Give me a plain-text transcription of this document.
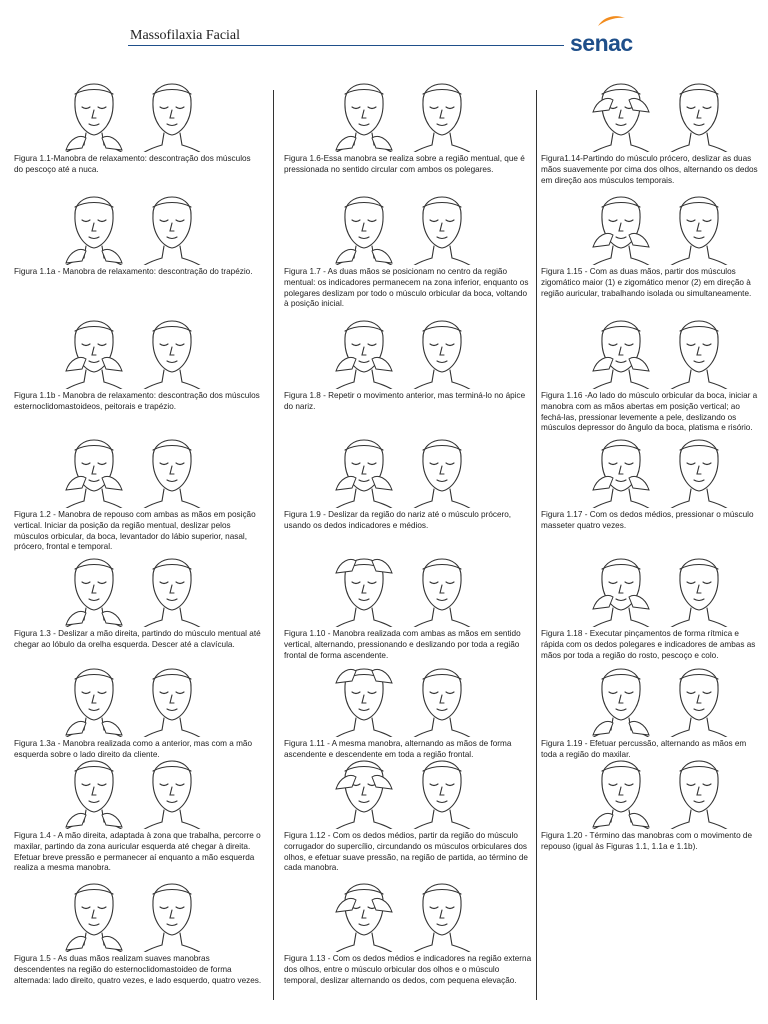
Massofilaxia Facial	senac
Figura 1.1-Manobra de relaxamento: descontração dos músculos do pescoço até a nuca.
Figura 1.1a - Manobra de relaxamento: descontração do trapézio.
Figura 1.1b - Manobra de relaxamento: descontração dos músculos esternoclidomastoideos, peitorais e trapézio.
Figura 1.2 - Manobra de repouso com ambas as mãos em posição vertical. Iniciar da posição da região mentual, deslizar pelos músculos orbicular, da boca, levantador do lábio superior, nasal, prócero, frontal e temporal.
Figura 1.3 - Deslizar a mão direita, partindo do músculo mentual até chegar ao lóbulo da orelha esquerda. Descer até a clavícula.
Figura 1.3a - Manobra realizada como a anterior, mas com a mão esquerda sobre o lado direito da cliente.
Figura 1.4 - A mão direita, adaptada à zona que trabalha, percorre o maxilar, partindo da zona auricular esquerda até chegar à direita. Efetuar breve pressão e permanecer aí enquanto a mão esquerda realiza a mesma manobra.
Figura 1.5 - As duas mãos realizam suaves manobras descendentes na região do esternoclidomastoideo de forma alternada: lado direito, quatro vezes, e lado esquerdo, quatro vezes.
Figura 1.6-Essa manobra se realiza sobre a região mentual, que é pressionada no sentido circular com ambos os polegares.
Figura 1.7 - As duas mãos se posicionam no centro da região mentual: os indicadores permanecem na zona inferior, enquanto os polegares deslizam por todo o músculo orbicular da boca, voltando à posição inicial.
Figura 1.8 - Repetir o movimento anterior, mas terminá-lo no ápice do nariz.
Figura 1.9 - Deslizar da região do nariz até o músculo prócero, usando os dedos indicadores e médios.
Figura 1.10 - Manobra realizada com ambas as mãos em sentido vertical, alternando, pressionando e deslizando por toda a região frontal de forma ascendente.
Figura 1.11 - A mesma manobra, alternando as mãos de forma ascendente e descendente em toda a região frontal.
Figura 1.12 - Com os dedos médios, partir da região do músculo corrugador do supercílio, circundando os músculos orbiculares dos olhos, e efetuar suave pressão, na região de partida, ao término de cada manobra.
Figura 1.13 - Com os dedos médios e indicadores na região externa dos olhos, entre o músculo orbicular dos olhos e o músculo temporal, deslizar alternando os dedos, com pequena elevação.
Figura1.14-Partindo do músculo prócero, deslizar as duas mãos suavemente por cima dos olhos, alternando os dedos em direção aos músculos temporais.
Figura 1.15 - Com as duas mãos, partir dos músculos zigomático maior (1) e zigomático menor (2) em direção à região auricular, trabalhando isolada ou simultaneamente.
Figura 1.16 -Ao lado do músculo orbicular da boca, iniciar a manobra com as mãos abertas em posição vertical; ao fechá-las, pressionar levemente a pele, deslizando os músculos depressor do ângulo da boca, platisma e risório.
Figura 1.17 - Com os dedos médios, pressionar o músculo masseter quatro vezes.
Figura 1.18 - Executar pinçamentos de forma rítmica e rápida com os dedos polegares e indicadores de ambas as mãos por toda a região do rosto, pescoço e colo.
Figura 1.19 - Efetuar percussão, alternando as mãos em toda a região do maxilar.
Figura 1.20 - Término das manobras com o movimento de repouso (igual às Figuras 1.1, 1.1a e 1.1b).
